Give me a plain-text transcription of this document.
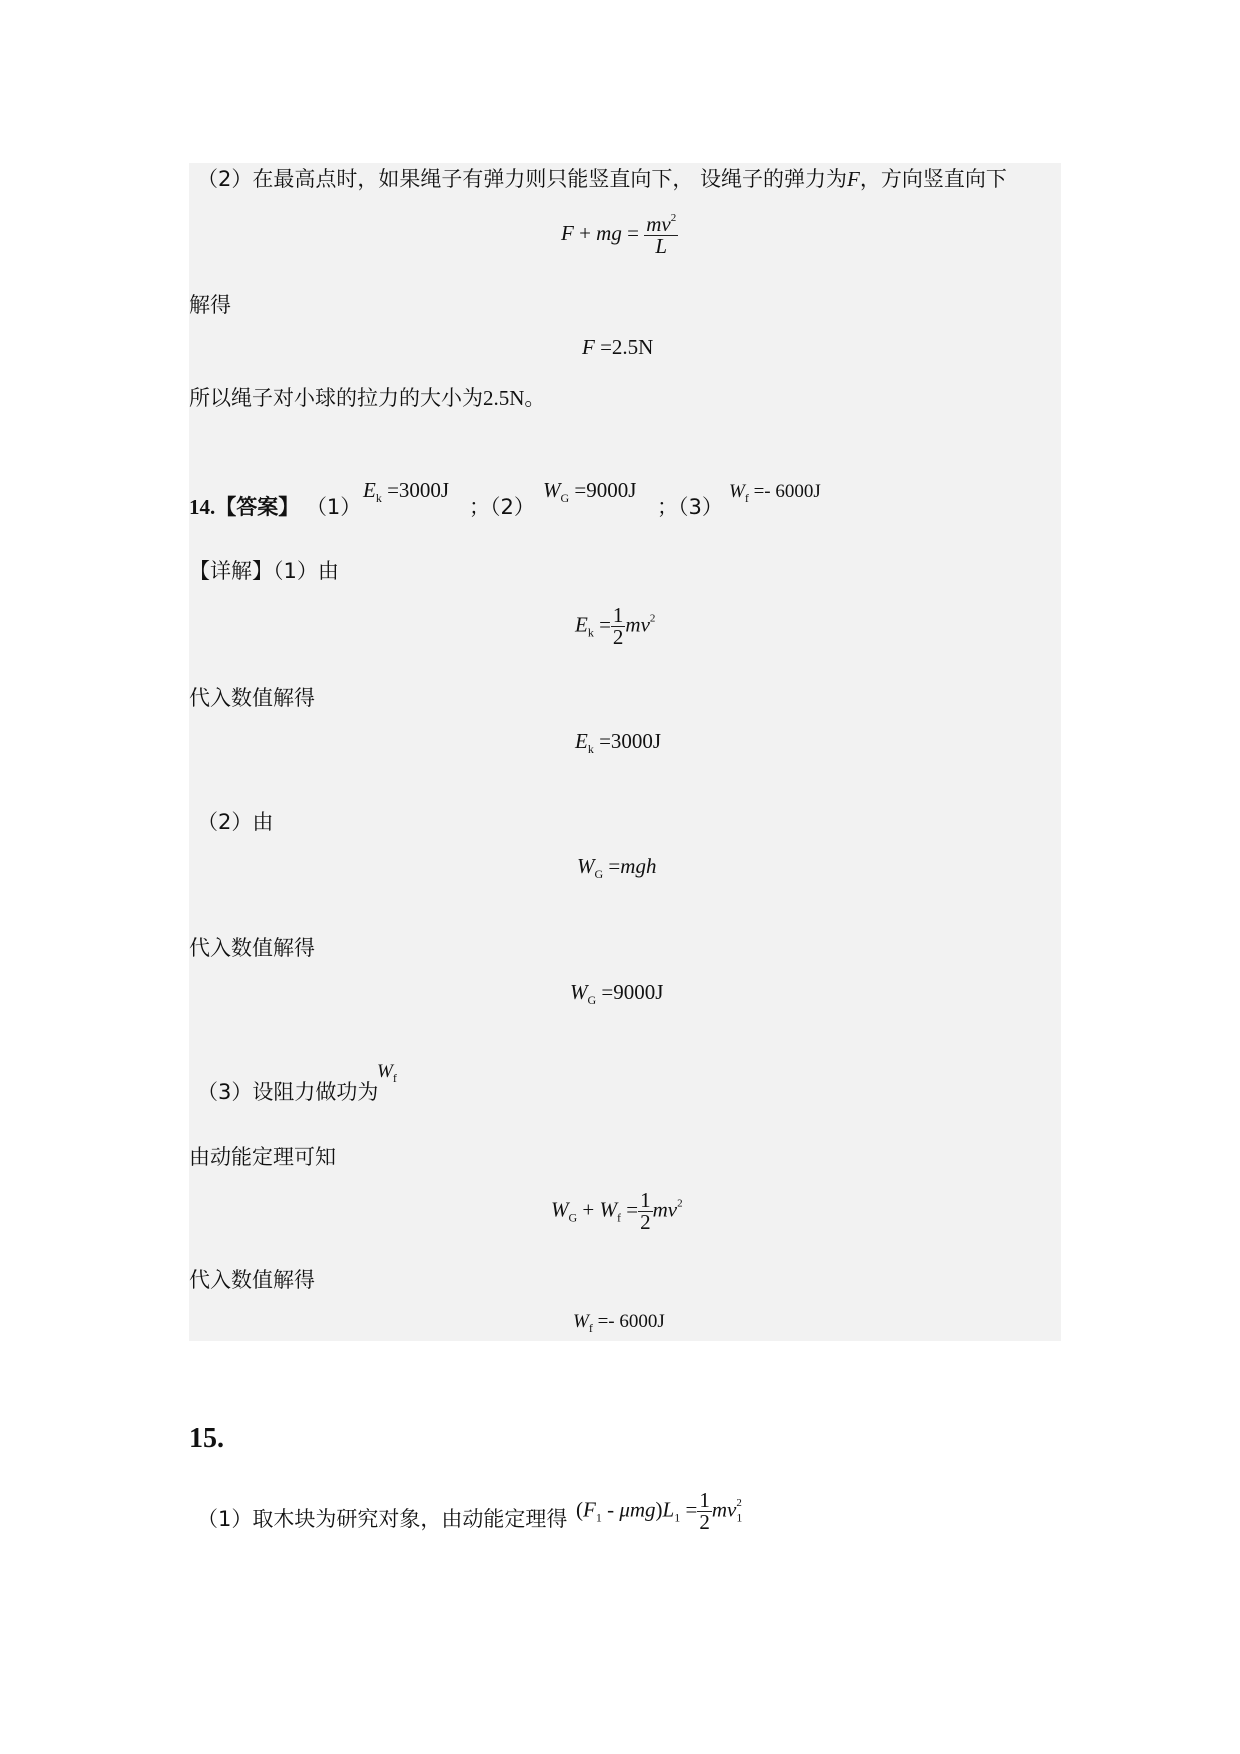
（2）在最高点时，如果绳子有弹力则只能竖直向下， 设绳子的弹力为F，方向竖直向下
F + mg = $\frac{mv^2}{L}$
解得
F =2.5N
所以绳子对小球的拉力的大小为2.5N。
14.【答案】 （1）
$E_k =3000J$
；（2）
$W_G =9000J$
；（3）
$W_f =- 6000J$
【详解】（1）由
$E_k = \frac{1}{2} mv^2$
代入数值解得
$E_k =3000J$
（2）由
$W_G =mgh$
代入数值解得
$W_G =9000J$
（3）设阻力做功为
$W_f$
由动能定理可知
$W_G + W_f = \frac{1}{2} mv^2$
代入数值解得
$W_f =- 6000J$
15.
（1）取木块为研究对象，由动能定理得 $(F_1 - \mu mg)L_1 = \frac{1}{2} mv_1^2$
